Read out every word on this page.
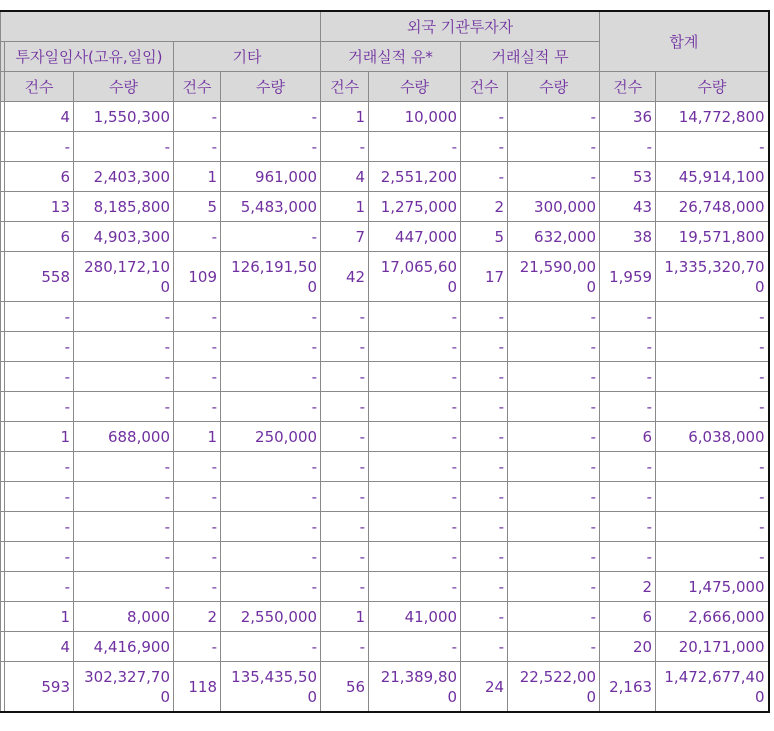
					외국 기관투자자				합계	
	투자일임사(고유,일임)		기타		거래실적 유*		거래실적 무			
	건수	수량	건수	수량	건수	수량	건수	수량	건수	수량
	4	1,550,300	-	-	1	10,000	-	-	36	14,772,800
	-	-	-	-	-	-	-	-	-	-
	6	2,403,300	1	961,000	4	2,551,200	-	-	53	45,914,100
	13	8,185,800	5	5,483,000	1	1,275,000	2	300,000	43	26,748,000
	6	4,903,300	-	-	7	447,000	5	632,000	38	19,571,800
	558	280,172,100	109	126,191,500	42	17,065,600	17	21,590,000	1,959	1,335,320,700
	-	-	-	-	-	-	-	-	-	-
	-	-	-	-	-	-	-	-	-	-
	-	-	-	-	-	-	-	-	-	-
	-	-	-	-	-	-	-	-	-	-
	1	688,000	1	250,000	-	-	-	-	6	6,038,000
	-	-	-	-	-	-	-	-	-	-
	-	-	-	-	-	-	-	-	-	-
	-	-	-	-	-	-	-	-	-	-
	-	-	-	-	-	-	-	-	-	-
	-	-	-	-	-	-	-	-	2	1,475,000
	1	8,000	2	2,550,000	1	41,000	-	-	6	2,666,000
	4	4,416,900	-	-	-	-	-	-	20	20,171,000
	593	302,327,700	118	135,435,500	56	21,389,800	24	22,522,000	2,163	1,472,677,400
